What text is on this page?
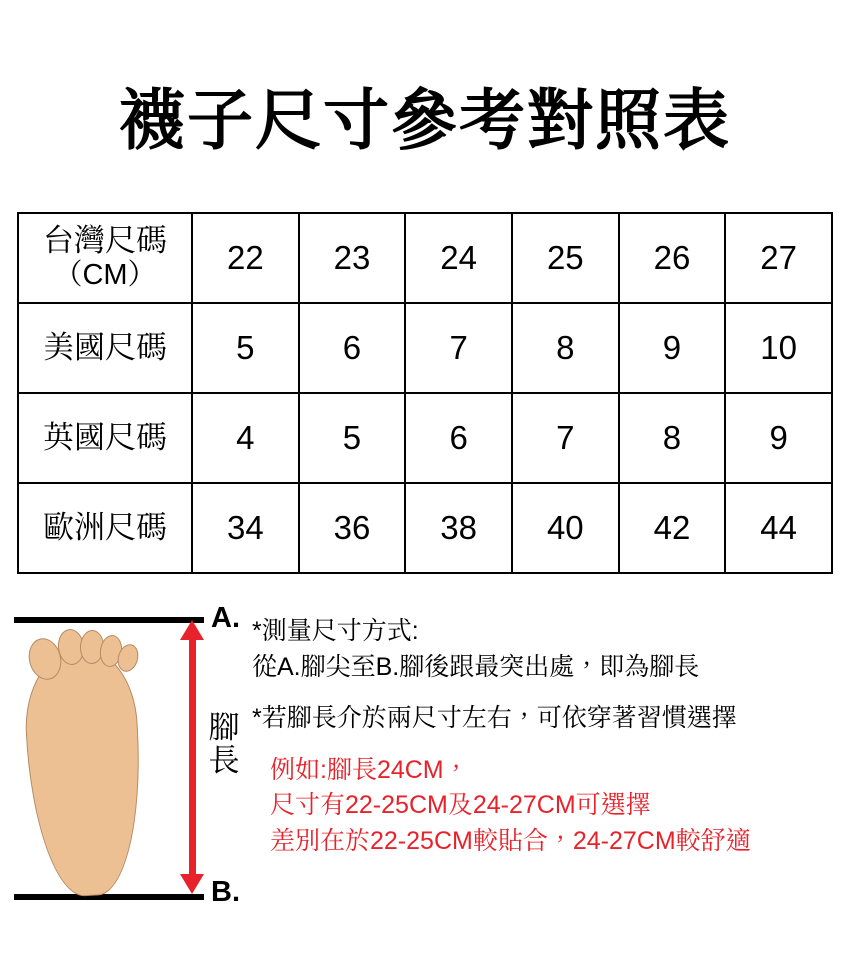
襪子尺寸參考對照表
台灣尺碼
（CM）	22	23	24	25	26	27
美國尺碼	5	6	7	8	9	10
英國尺碼	4	5	6	7	8	9
歐洲尺碼	34	36	38	40	42	44
A.
B.
腳
長
*測量尺寸方式:
從A.腳尖至B.腳後跟最突出處，即為腳長
*若腳長介於兩尺寸左右，可依穿著習慣選擇
例如:腳長24CM，
尺寸有22-25CM及24-27CM可選擇
差別在於22-25CM較貼合，24-27CM較舒適
